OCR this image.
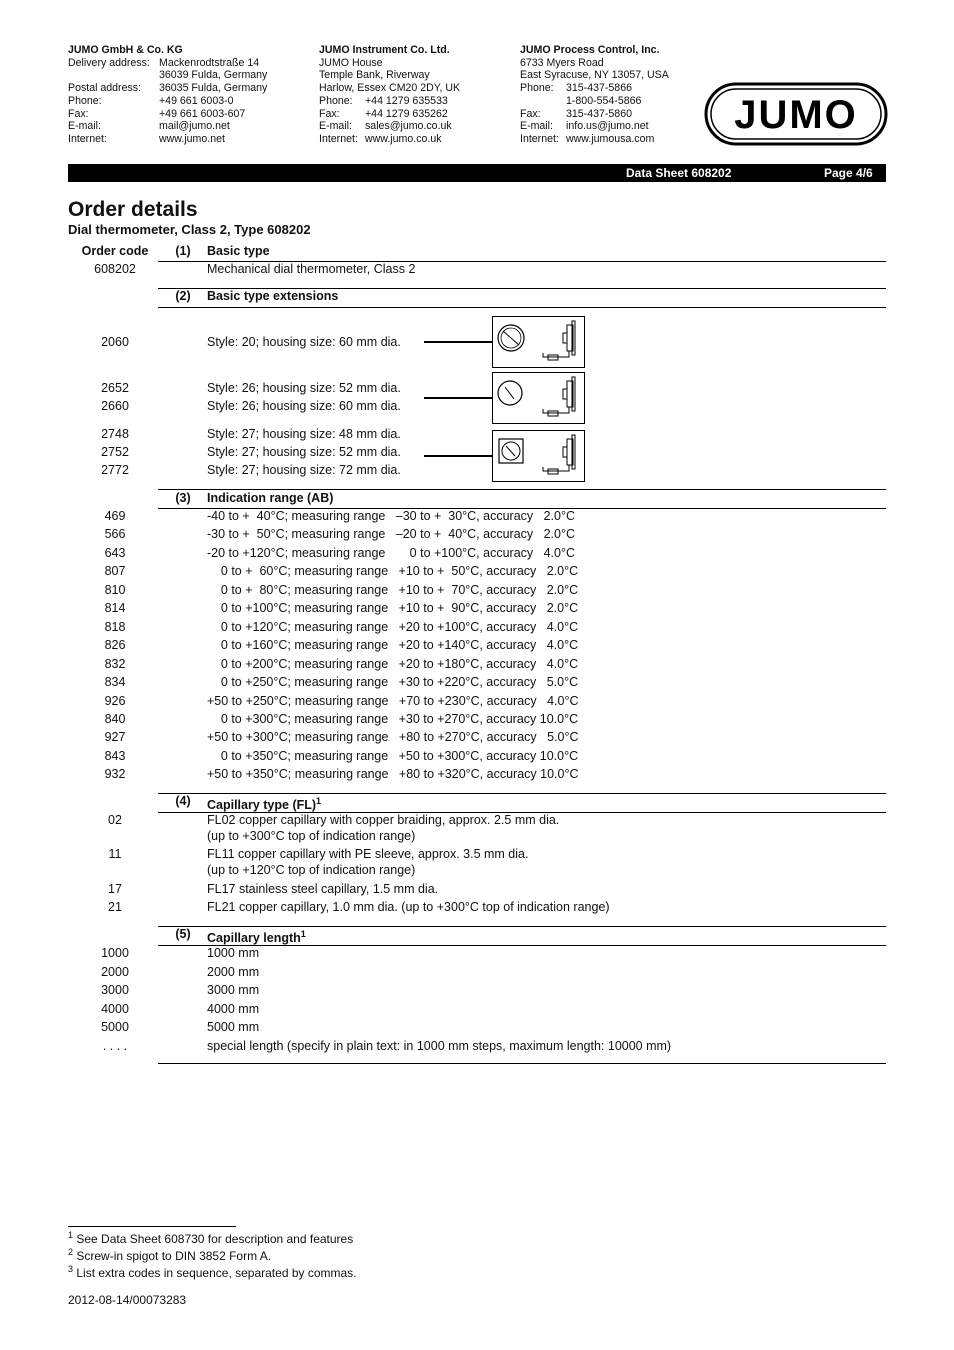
JUMO GmbH & Co. KG
Delivery address: Mackenrodtstraße 14
36039 Fulda, Germany
Postal address: 36035 Fulda, Germany
Phone:	+49 661 6003-0
Fax:	+49 661 6003-607
E-mail:	mail@jumo.net
Internet:	www.jumo.net
JUMO Instrument Co. Ltd.
JUMO House
Temple Bank, Riverway
Harlow, Essex CM20 2DY, UK
Phone: +44 1279 635533
Fax: +44 1279 635262
E-mail: sales@jumo.co.uk
Internet: www.jumo.co.uk
JUMO Process Control, Inc.
6733 Myers Road
East Syracuse, NY 13057, USA
Phone: 315-437-5866
1-800-554-5866
Fax: 315-437-5860
E-mail: info.us@jumo.net
Internet: www.jumousa.com
JUMO
Data Sheet 608202	Page 4/6
Order details
Dial thermometer, Class 2, Type 608202
Order code	(1)	Basic type
608202	Mechanical dial thermometer, Class 2
(2)	Basic type extensions
2060	Style: 20; housing size: 60 mm dia.
2652	Style: 26; housing size: 52 mm dia.
2660	Style: 26; housing size: 60 mm dia.
2748	Style: 27; housing size: 48 mm dia.
2752	Style: 27; housing size: 52 mm dia.
2772	Style: 27; housing size: 72 mm dia.
(3)	Indication range (AB)
469	-40 to +  40°C; measuring range   –30 to +  30°C, accuracy   2.0°C
566	-30 to +  50°C; measuring range   –20 to +  40°C, accuracy   2.0°C
643	-20 to +120°C; measuring range       0 to +100°C, accuracy   4.0°C
807	0 to +  60°C; measuring range   +10 to +  50°C, accuracy   2.0°C
810	0 to +  80°C; measuring range   +10 to +  70°C, accuracy   2.0°C
814	0 to +100°C; measuring range   +10 to +  90°C, accuracy   2.0°C
818	0 to +120°C; measuring range   +20 to +100°C, accuracy   4.0°C
826	0 to +160°C; measuring range   +20 to +140°C, accuracy   4.0°C
832	0 to +200°C; measuring range   +20 to +180°C, accuracy   4.0°C
834	0 to +250°C; measuring range   +30 to +220°C, accuracy   5.0°C
926	+50 to +250°C; measuring range   +70 to +230°C, accuracy   4.0°C
840	0 to +300°C; measuring range   +30 to +270°C, accuracy 10.0°C
927	+50 to +300°C; measuring range   +80 to +270°C, accuracy   5.0°C
843	0 to +350°C; measuring range   +50 to +300°C, accuracy 10.0°C
932	+50 to +350°C; measuring range   +80 to +320°C, accuracy 10.0°C
(4)	Capillary type (FL)$^1$
02	FL02 copper capillary with copper braiding, approx. 2.5 mm dia.
(up to +300°C top of indication range)
11	FL11 copper capillary with PE sleeve, approx. 3.5 mm dia.
(up to +120°C top of indication range)
17	FL17 stainless steel capillary, 1.5 mm dia.
21	FL21 copper capillary, 1.0 mm dia. (up to +300°C top of indication range)
(5)	Capillary length$^1$
1000	1000 mm
2000	2000 mm
3000	3000 mm
4000	4000 mm
5000	5000 mm
. . . .	special length (specify in plain text: in 1000 mm steps, maximum length: 10000 mm)
$^1$ See Data Sheet 608730 for description and features
$^2$ Screw-in spigot to DIN 3852 Form A.
$^3$ List extra codes in sequence, separated by commas.
2012-08-14/00073283
